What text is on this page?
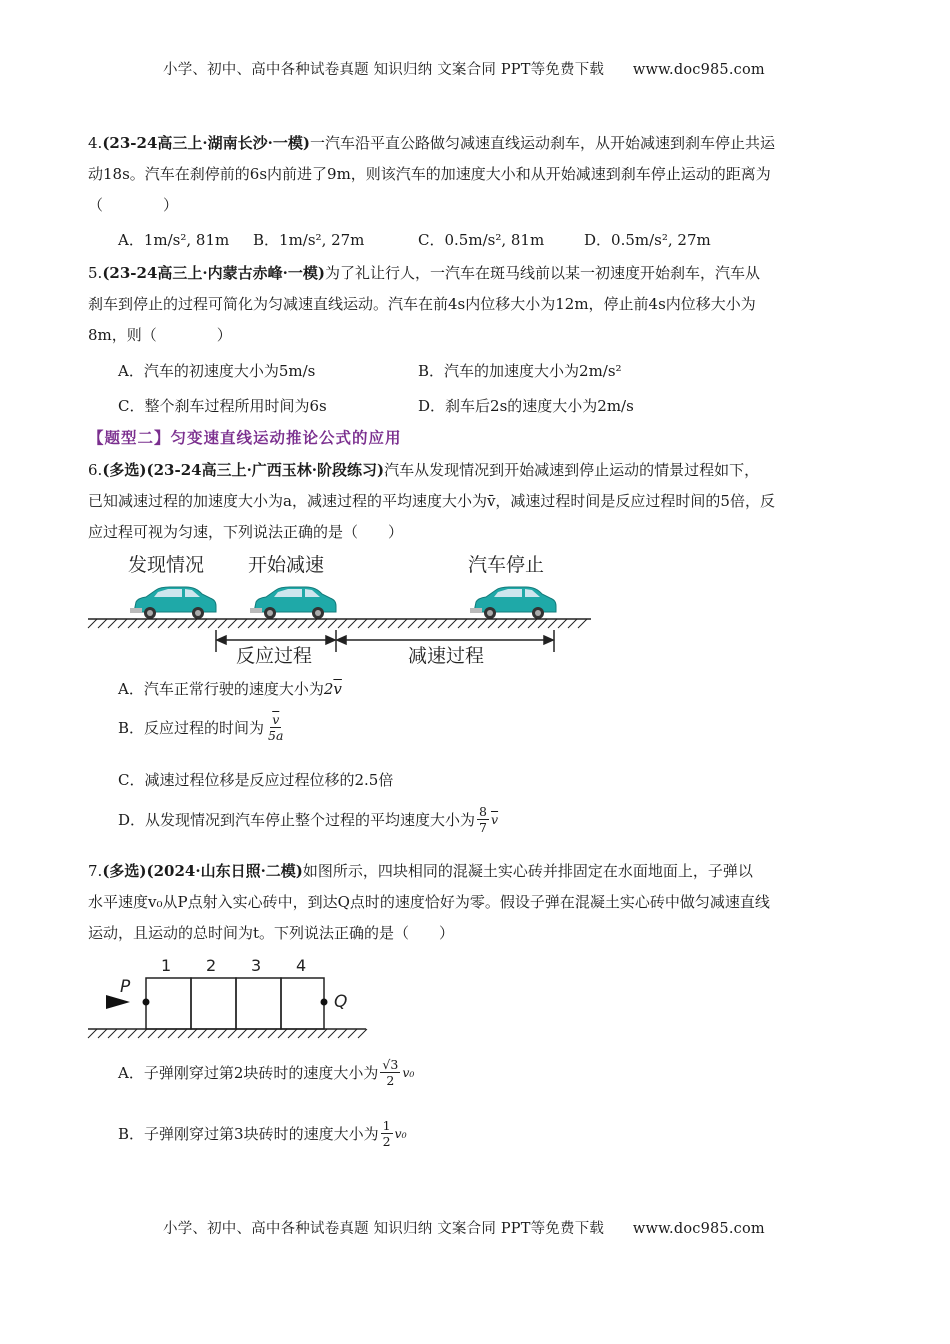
小学、初中、高中各种试卷真题 知识归纳 文案合同 PPT等免费下载 www.doc985.com
4.(23-24高三上·湖南长沙·一模)一汽车沿平直公路做匀减速直线运动刹车，从开始减速到刹车停止共运
动18s。汽车在刹停前的6s内前进了9m，则该汽车的加速度大小和从开始减速到刹车停止运动的距离为
（　　　　）
A．1m/s², 81m B．1m/s², 27m	C．0.5m/s², 81m	D．0.5m/s², 27m
5.(23-24高三上·内蒙古赤峰·一模)为了礼让行人，一汽车在斑马线前以某一初速度开始刹车，汽车从
刹车到停止的过程可简化为匀减速直线运动。汽车在前4s内位移大小为12m，停止前4s内位移大小为
8m，则（　　　　）
A．汽车的初速度大小为5m/s	B．汽车的加速度大小为2m/s²
C．整个刹车过程所用时间为6s	D．刹车后2s的速度大小为2m/s
【题型二】匀变速直线运动推论公式的应用
6.(多选)(23-24高三上·广西玉林·阶段练习)汽车从发现情况到开始减速到停止运动的情景过程如下，
已知减速过程的加速度大小为a，减速过程的平均速度大小为v̄，减速过程时间是反应过程时间的5倍，反
应过程可视为匀速，下列说法正确的是（　　）
发现情况 开始减速	汽车停止
反应过程	减速过程
A．汽车正常行驶的速度大小为$2\overline{v}$
B． 反应过程的时间为 $\frac{\overline{v}}{5a}$
C．减速过程位移是反应过程位移的2.5倍
D． 从发现情况到汽车停止整个过程的平均速度大小为 $\frac{8}{7} \overline{v}$
7.(多选)(2024·山东日照·二模)如图所示，四块相同的混凝土实心砖并排固定在水面地面上，子弹以
水平速度v₀从P点射入实心砖中，到达Q点时的速度恰好为零。假设子弹在混凝土实心砖中做匀减速直线
运动，且运动的总时间为t。下列说法正确的是（　　）
1 2 3 4
P
Q
A． 子弹刚穿过第2块砖时的速度大小为 $\frac{√3}{2} v_0$
B． 子弹刚穿过第3块砖时的速度大小为 $\frac{1}{2} v_0$
小学、初中、高中各种试卷真题 知识归纳 文案合同 PPT等免费下载 www.doc985.com
